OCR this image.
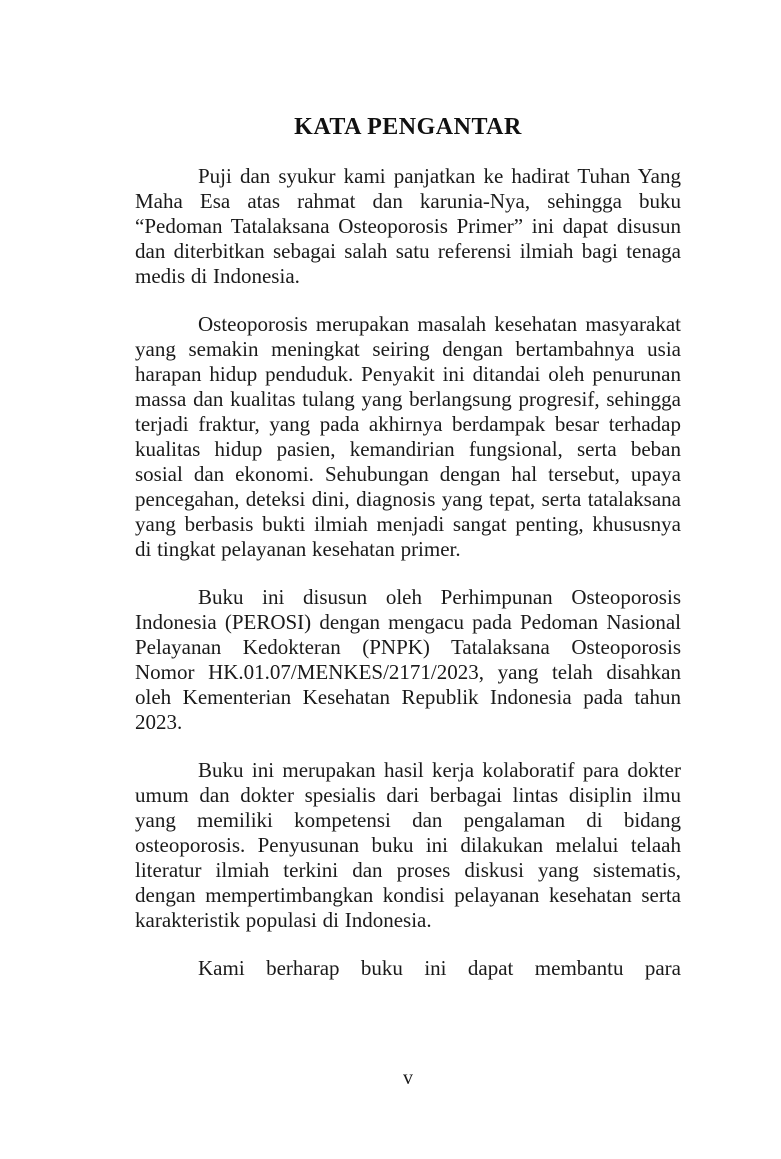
KATA PENGANTAR

Puji dan syukur kami panjatkan ke hadirat Tuhan Yang Maha Esa atas rahmat dan karunia-Nya, sehingga buku “Pedoman Tatalaksana Osteoporosis Primer” ini dapat disusun dan diterbitkan sebagai salah satu referensi ilmiah bagi tenaga medis di Indonesia.

Osteoporosis merupakan masalah kesehatan masyarakat yang semakin meningkat seiring dengan bertambahnya usia harapan hidup penduduk. Penyakit ini ditandai oleh penurunan massa dan kualitas tulang yang berlangsung progresif, sehingga terjadi fraktur, yang pada akhirnya berdampak besar terhadap kualitas hidup pasien, kemandirian fungsional, serta beban sosial dan ekonomi. Sehubungan dengan hal tersebut, upaya pencegahan, deteksi dini, diagnosis yang tepat, serta tatalaksana yang berbasis bukti ilmiah menjadi sangat penting, khususnya di tingkat pelayanan kesehatan primer.

Buku ini disusun oleh Perhimpunan Osteoporosis Indonesia (PEROSI) dengan mengacu pada Pedoman Nasional Pelayanan Kedokteran (PNPK) Tatalaksana Osteoporosis Nomor HK.01.07/MENKES/2171/2023, yang telah disahkan oleh Kementerian Kesehatan Republik Indonesia pada tahun 2023.

Buku ini merupakan hasil kerja kolaboratif para dokter umum dan dokter spesialis dari berbagai lintas disiplin ilmu yang memiliki kompetensi dan pengalaman di bidang osteoporosis. Penyusunan buku ini dilakukan melalui telaah literatur ilmiah terkini dan proses diskusi yang sistematis, dengan mempertimbangkan kondisi pelayanan kesehatan serta karakteristik populasi di Indonesia.

Kami berharap buku ini dapat membantu para

v
